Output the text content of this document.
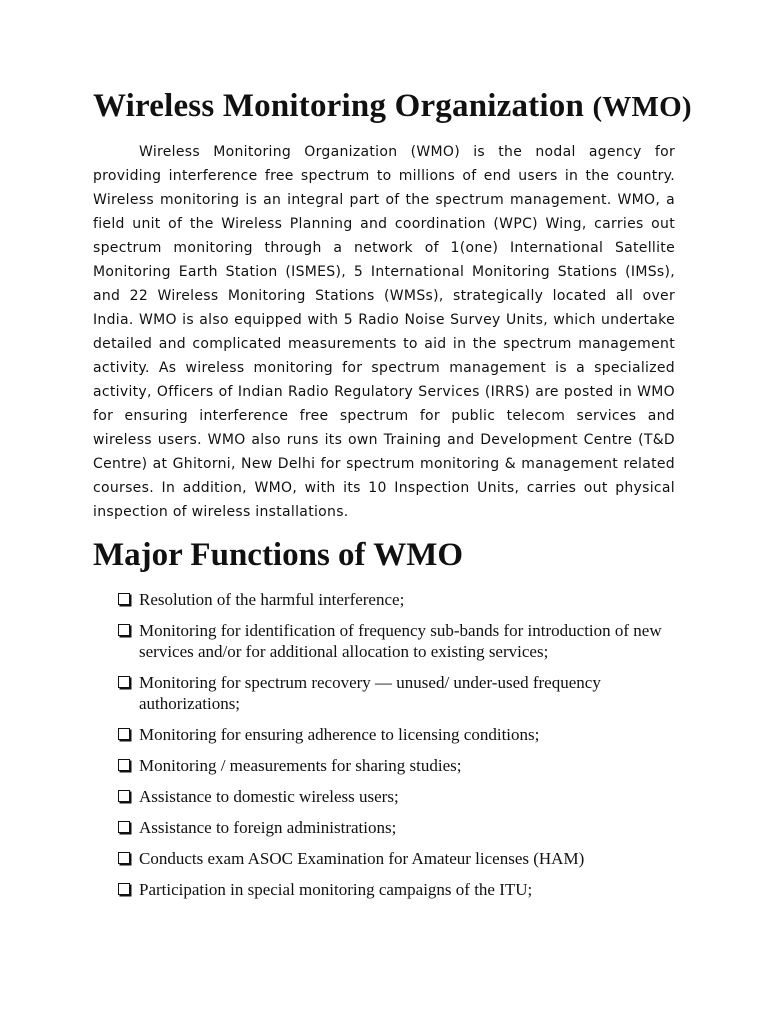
Wireless Monitoring Organization (WMO)

Wireless Monitoring Organization (WMO) is the nodal agency for providing interference free spectrum to millions of end users in the country. Wireless monitoring is an integral part of the spectrum management. WMO, a field unit of the Wireless Planning and coordination (WPC) Wing, carries out spectrum monitoring through a network of 1(one) International Satellite Monitoring Earth Station (ISMES), 5 International Monitoring Stations (IMSs), and 22 Wireless Monitoring Stations (WMSs), strategically located all over India. WMO is also equipped with 5 Radio Noise Survey Units, which undertake detailed and complicated measurements to aid in the spectrum management activity. As wireless monitoring for spectrum management is a specialized activity, Officers of Indian Radio Regulatory Services (IRRS) are posted in WMO for ensuring interference free spectrum for public telecom services and wireless users. WMO also runs its own Training and Development Centre (T&D Centre) at Ghitorni, New Delhi for spectrum monitoring & management related courses. In addition, WMO, with its 10 Inspection Units, carries out physical inspection of wireless installations.

Major Functions of WMO
Resolution of the harmful interference;
Monitoring for identification of frequency sub-bands for introduction of new services and/or for additional allocation to existing services;
Monitoring for spectrum recovery — unused/ under-used frequency authorizations;
Monitoring for ensuring adherence to licensing conditions;
Monitoring / measurements for sharing studies;
Assistance to domestic wireless users;
Assistance to foreign administrations;
Conducts exam ASOC Examination for Amateur licenses (HAM)
Participation in special monitoring campaigns of the ITU;
